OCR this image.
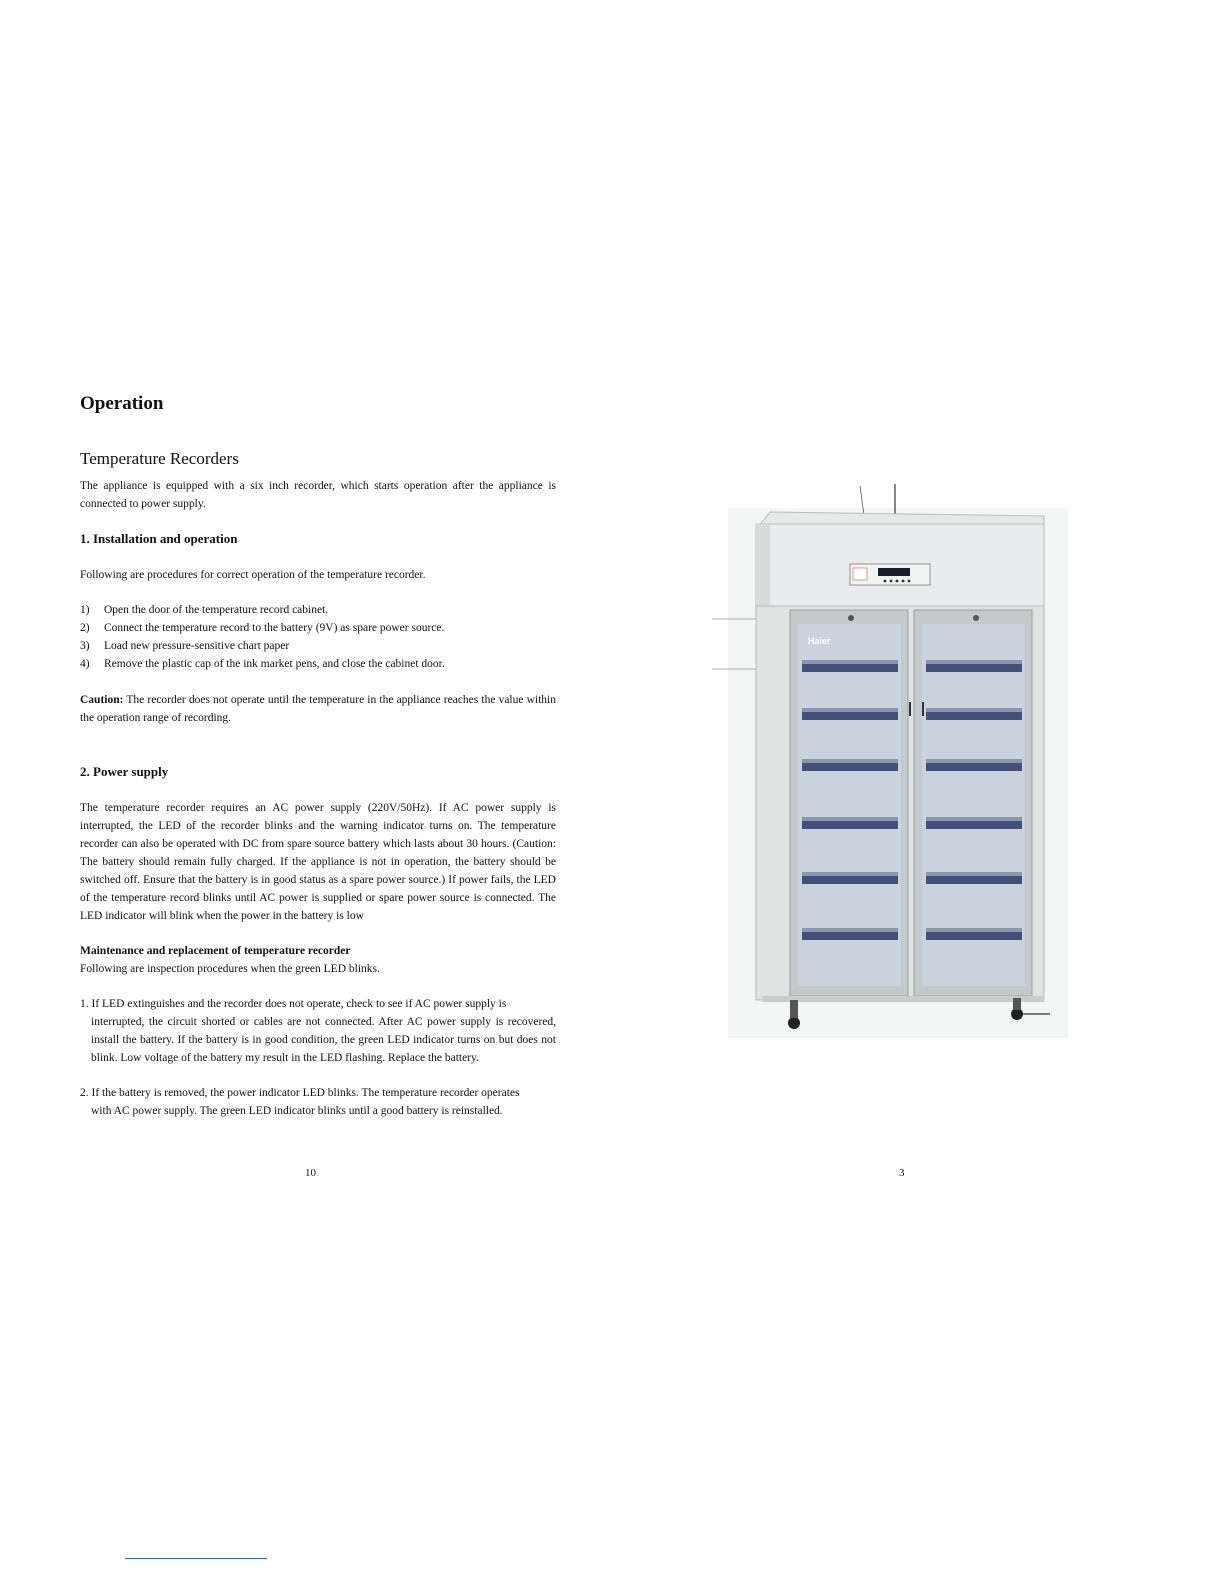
Operation
Temperature Recorders
The appliance is equipped with a six inch recorder, which starts operation after the appliance is connected to power supply.
1. Installation and operation
Following are procedures for correct operation of the temperature recorder.
1)	Open the door of the temperature record cabinet.
2)	Connect the temperature record to the battery (9V) as spare power source.
3)	Load new pressure-sensitive chart paper
4)	Remove the plastic cap of the ink market pens, and close the cabinet door.
Caution: The recorder does not operate until the temperature in the appliance reaches the value within the operation range of recording.
2. Power supply
The temperature recorder requires an AC power supply (220V/50Hz). If AC power supply is interrupted, the LED of the recorder blinks and the warning indicator turns on. The temperature recorder can also be operated with DC from spare source battery which lasts about 30 hours. (Caution: The battery should remain fully charged. If the appliance is not in operation, the battery should be switched off. Ensure that the battery is in good status as a spare power source.) If power fails, the LED of the temperature record blinks until AC power is supplied or spare power source is connected. The LED indicator will blink when the power in the battery is low
Maintenance and replacement of temperature recorder
Following are inspection procedures when the green LED blinks.
1. If LED extinguishes and the recorder does not operate, check to see if AC power supply is
interrupted, the circuit shorted or cables are not connected. After AC power supply is recovered, install the battery. If the battery is in good condition, the green LED indicator turns on but does not blink. Low voltage of the battery my result in the LED flashing. Replace the battery.
2. If the battery is removed, the power indicator LED blinks. The temperature recorder operates
with AC power supply. The green LED indicator blinks until a good battery is reinstalled.
10	3
Haier
